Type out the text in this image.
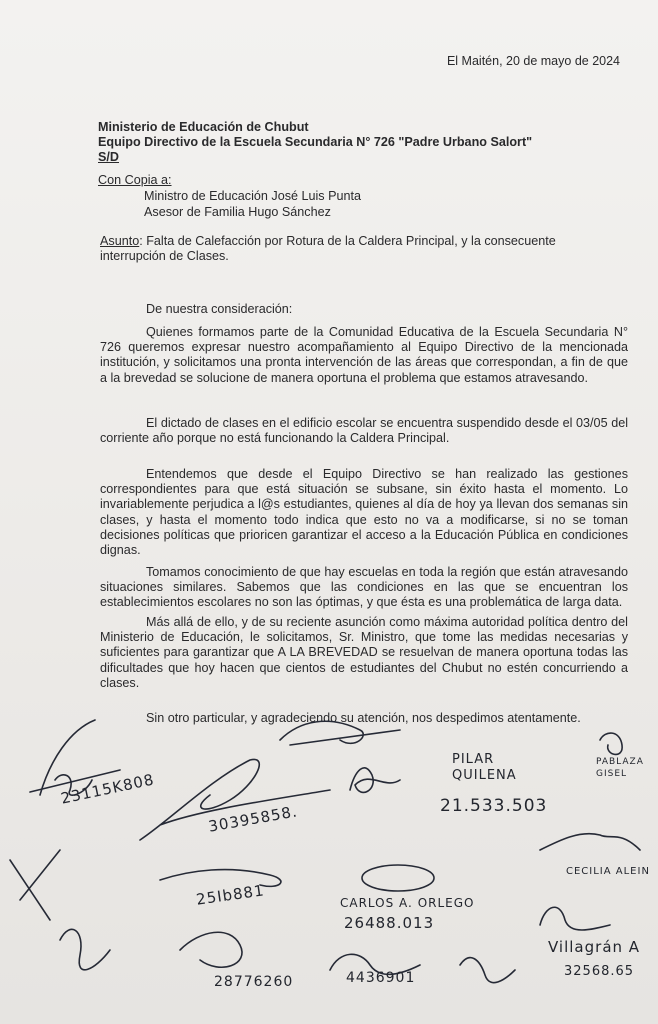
El Maitén, 20 de mayo de 2024
Ministerio de Educación de Chubut
Equipo Directivo de la Escuela Secundaria N° 726 "Padre Urbano Salort"
S/D
Con Copia a:
Ministro de Educación José Luis Punta
Asesor de Familia Hugo Sánchez
Asunto: Falta de Calefacción por Rotura de la Caldera Principal, y la consecuente interrupción de Clases.
De nuestra consideración:
Quienes formamos parte de la Comunidad Educativa de la Escuela Secundaria N° 726 queremos expresar nuestro acompañamiento al Equipo Directivo de la mencionada institución, y solicitamos una pronta intervención de las áreas que correspondan, a fin de que a la brevedad se solucione de manera oportuna el problema que estamos atravesando.
El dictado de clases en el edificio escolar se encuentra suspendido desde el 03/05 del corriente año porque no está funcionando la Caldera Principal.
Entendemos que desde el Equipo Directivo se han realizado las gestiones correspondientes para que está situación se subsane, sin éxito hasta el momento. Lo invariablemente perjudica a l@s estudiantes, quienes al día de hoy ya llevan dos semanas sin clases, y hasta el momento todo indica que esto no va a modificarse, si no se toman decisiones políticas que prioricen garantizar el acceso a la Educación Pública en condiciones dignas.
Tomamos conocimiento de que hay escuelas en toda la región que están atravesando situaciones similares. Sabemos que las condiciones en las que se encuentran los establecimientos escolares no son las óptimas, y que ésta es una problemática de larga data.
Más allá de ello, y de su reciente asunción como máxima autoridad política dentro del Ministerio de Educación, le solicitamos, Sr. Ministro, que tome las medidas necesarias y suficientes para garantizar que A LA BREVEDAD se resuelvan de manera oportuna todas las dificultades que hoy hacen que cientos de estudiantes del Chubut no estén concurriendo a clases.
Sin otro particular, y agradeciendo su atención, nos despedimos atentamente.
23115K808
30395858.	21.533.503
25Ib881
26488.013
28776260	4436901	32568.65
PILAR QUILENA
PABLAZA GISEL
CECILIA ALEIN
CARLOS A. ORLEGO
Villagrán A
